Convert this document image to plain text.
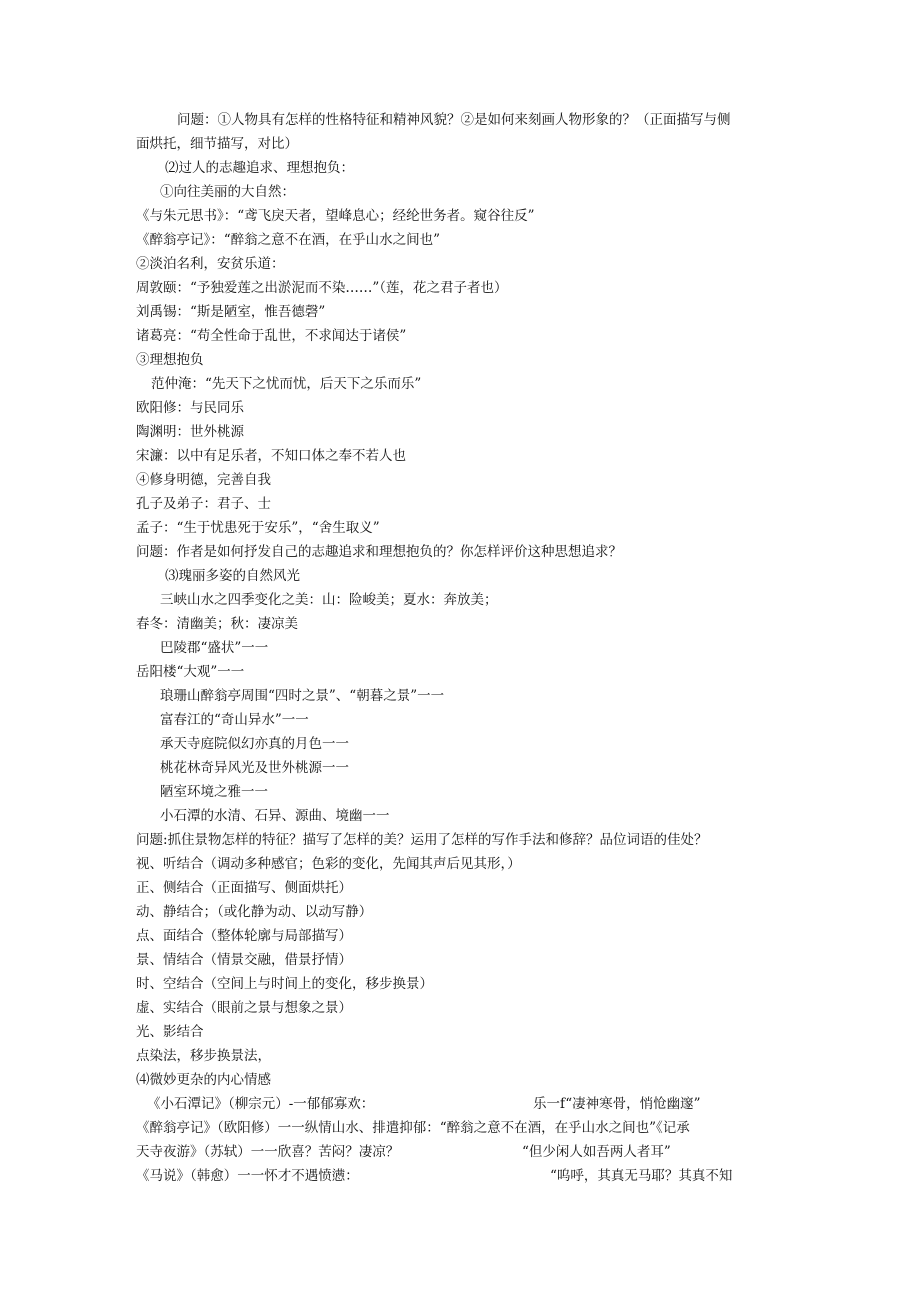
问题：①人物具有怎样的性格特征和精神风貌？②是如何来刻画人物形象的？（正面描写与侧
面烘托，细节描写，对比）
⑵过人的志趣追求、理想抱负：
①向往美丽的大自然：
《与朱元思书》：“鸢飞戾天者，望峰息心；经纶世务者。窥谷往反”
《醉翁亭记》：“醉翁之意不在酒，在乎山水之间也”
②淡泊名利，安贫乐道：
周敦颐：“予独爱莲之出淤泥而不染……”（莲，花之君子者也）
刘禹锡：“斯是陋室，惟吾德磬”
诸葛亮：“苟全性命于乱世，不求闻达于诸侯”
③理想抱负
范仲淹：“先天下之忧而忧，后天下之乐而乐”
欧阳修：与民同乐
陶渊明：世外桃源
宋濂：以中有足乐者，不知口体之奉不若人也
④修身明德，完善自我
孔子及弟子：君子、士
孟子：“生于忧患死于安乐”，“舍生取义”
问题：作者是如何抒发自己的志趣追求和理想抱负的？你怎样评价这种思想追求？
⑶瑰丽多姿的自然风光
三峡山水之四季变化之美：山：险峻美；夏水：奔放美；
春冬：清幽美；秋：凄凉美
巴陵郡“盛状”一一
岳阳楼“大观”一一
琅珊山醉翁亭周围“四时之景”、“朝暮之景”一一
富春江的“奇山异水”一一
承天寺庭院似幻亦真的月色一一
桃花林奇异风光及世外桃源一一
陋室环境之雅一一
小石潭的水清、石异、源曲、境幽一一
问题:抓住景物怎样的特征？描写了怎样的美？运用了怎样的写作手法和修辞？品位词语的佳处？
视、听结合（调动多种感官；色彩的变化，先闻其声后见其形，）
正、侧结合（正面描写、侧面烘托）
动、静结合；（或化静为动、以动写静）
点、面结合（整体轮廓与局部描写）
景、情结合（情景交融，借景抒情）
时、空结合（空间上与时间上的变化，移步换景）
虚、实结合（眼前之景与想象之景）
光、影结合
点染法，移步换景法，
⑷微妙更杂的内心情感
《小石潭记》（柳宗元）-一郁郁寡欢：	乐一f“凄神寒骨，悄怆幽邃”
《醉翁亭记》（欧阳修）一一纵情山水、排遣抑郁：“醉翁之意不在酒，在乎山水之间也”《记承
天寺夜游》（苏轼）一一欣喜？苦闷？凄凉？	“但少闲人如吾两人者耳”
《马说》（韩愈）一一怀才不遇愤懑：	“呜呼，其真无马耶？其真不知
